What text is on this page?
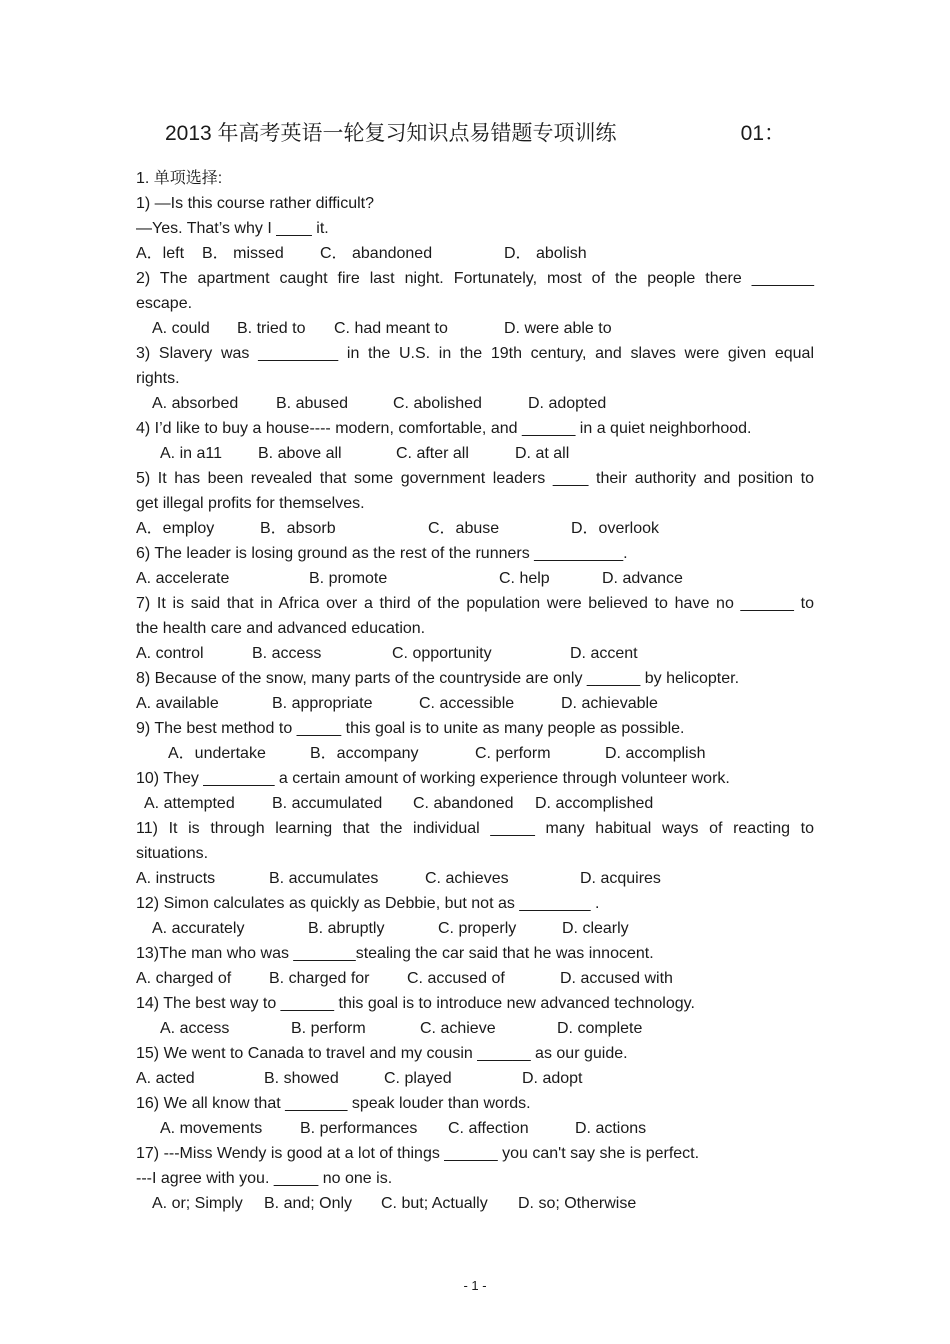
2013 年高考英语一轮复习知识点易错题专项训练	01：
1. 单项选择:
1) —Is this course rather difficult?
—Yes. That’s why I ____ it.
A．left B． missed C． abandoned	D． abolish
2) The apartment caught fire last night. Fortunately, most of the people there _______
escape.
A. could B. tried to C. had meant to	D. were able to
3) Slavery was _________ in the U.S. in the 19th century, and slaves were given equal
rights.
A. absorbed B. abused	C. abolished	D. adopted
4) I’d like to buy a house---- modern, comfortable, and ______ in a quiet neighborhood.
A. in a11 B. above all	C. after all	D. at all
5) It has been revealed that some government leaders ____ their authority and position to
get illegal profits for themselves.
A．employ	B．absorb	C．abuse	D．overlook
6) The leader is losing ground as the rest of the runners __________.
A. accelerate	B. promote	C. help	D. advance
7) It is said that in Africa over a third of the population were believed to have no ______ to
the health care and advanced education.
A. control	B. access	C. opportunity	D. accent
8) Because of the snow, many parts of the countryside are only ______ by helicopter.
A. available	B. appropriate	C. accessible	D. achievable
9) The best method to _____ this goal is to unite as many people as possible.
A．undertake	B．accompany	C. perform	D. accomplish
10) They ________ a certain amount of working experience through volunteer work.
A. attempted B. accumulated C. abandoned D. accomplished
11) It is through learning that the individual _____ many habitual ways of reacting to
situations.
A. instructs	B. accumulates	C. achieves	D. acquires
12) Simon calculates as quickly as Debbie, but not as ________ .
A. accurately	B. abruptly	C. properly	D. clearly
13)The man who was _______stealing the car said that he was innocent.
A. charged of B. charged for C. accused of	D. accused with
14) The best way to ______ this goal is to introduce new advanced technology.
A. access	B. perform	C. achieve	D. complete
15) We went to Canada to travel and my cousin ______ as our guide.
A. acted	B. showed	C. played	D. adopt
16) We all know that _______ speak louder than words.
A. movements B. performances C. affection	D. actions
17) ---Miss Wendy is good at a lot of things ______ you can't say she is perfect.
---I agree with you. _____ no one is.
A. or; Simply B. and; Only C. but; Actually D. so; Otherwise
- 1 -
